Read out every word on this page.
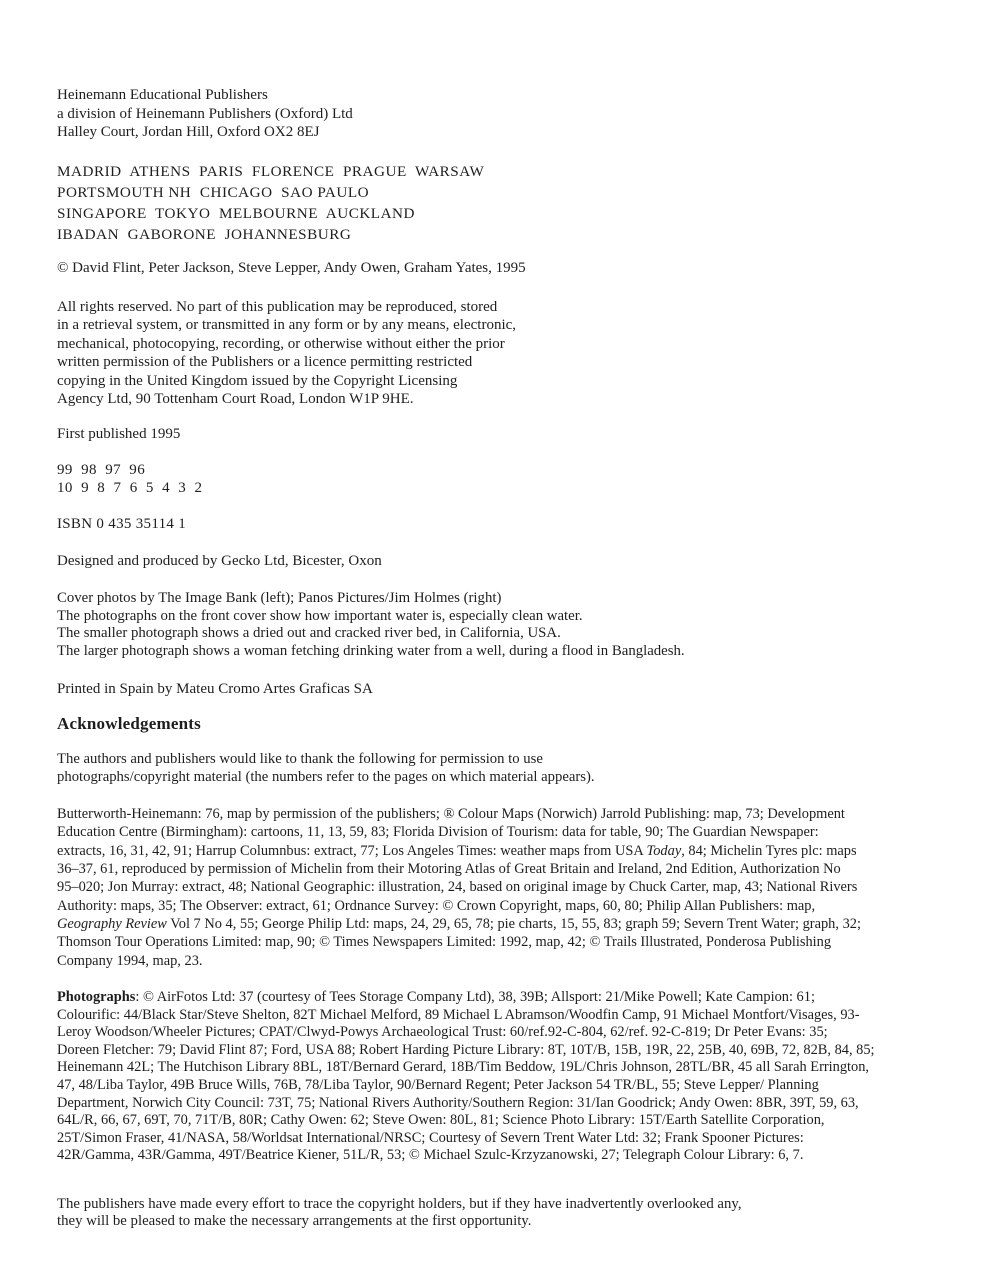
Heinemann Educational Publishers
a division of Heinemann Publishers (Oxford) Ltd
Halley Court, Jordan Hill, Oxford OX2 8EJ
MADRID  ATHENS  PARIS  FLORENCE  PRAGUE  WARSAW
PORTSMOUTH NH  CHICAGO  SAO PAULO
SINGAPORE  TOKYO  MELBOURNE  AUCKLAND
IBADAN  GABORONE  JOHANNESBURG
© David Flint, Peter Jackson, Steve Lepper, Andy Owen, Graham Yates, 1995
All rights reserved. No part of this publication may be reproduced, stored
in a retrieval system, or transmitted in any form or by any means, electronic,
mechanical, photocopying, recording, or otherwise without either the prior
written permission of the Publishers or a licence permitting restricted
copying in the United Kingdom issued by the Copyright Licensing
Agency Ltd, 90 Tottenham Court Road, London W1P 9HE.
First published 1995
99  98  97  96
10  9  8  7  6  5  4  3  2
ISBN 0 435 35114 1
Designed and produced by Gecko Ltd, Bicester, Oxon
Cover photos by The Image Bank (left); Panos Pictures/Jim Holmes (right)
The photographs on the front cover show how important water is, especially clean water.
The smaller photograph shows a dried out and cracked river bed, in California, USA.
The larger photograph shows a woman fetching drinking water from a well, during a flood in Bangladesh.
Printed in Spain by Mateu Cromo Artes Graficas SA
Acknowledgements
The authors and publishers would like to thank the following for permission to use
photographs/copyright material (the numbers refer to the pages on which material appears).
Butterworth-Heinemann: 76, map by permission of the publishers; ® Colour Maps (Norwich) Jarrold Publishing: map, 73; Development
Education Centre (Birmingham): cartoons, 11, 13, 59, 83; Florida Division of Tourism: data for table, 90; The Guardian Newspaper:
extracts, 16, 31, 42, 91; Harrup Columnbus: extract, 77; Los Angeles Times: weather maps from USA Today, 84; Michelin Tyres plc: maps
36–37, 61, reproduced by permission of Michelin from their Motoring Atlas of Great Britain and Ireland, 2nd Edition, Authorization No
95–020; Jon Murray: extract, 48; National Geographic: illustration, 24, based on original image by Chuck Carter, map, 43; National Rivers
Authority: maps, 35; The Observer: extract, 61; Ordnance Survey: © Crown Copyright, maps, 60, 80; Philip Allan Publishers: map,
Geography Review Vol 7 No 4, 55; George Philip Ltd: maps, 24, 29, 65, 78; pie charts, 15, 55, 83; graph 59; Severn Trent Water; graph, 32;
Thomson Tour Operations Limited: map, 90; © Times Newspapers Limited: 1992, map, 42; © Trails Illustrated, Ponderosa Publishing
Company 1994, map, 23.
Photographs: © AirFotos Ltd: 37 (courtesy of Tees Storage Company Ltd), 38, 39B; Allsport: 21/Mike Powell; Kate Campion: 61;
Colourific: 44/Black Star/Steve Shelton, 82T Michael Melford, 89 Michael L Abramson/Woodfin Camp, 91 Michael Montfort/Visages, 93-
Leroy Woodson/Wheeler Pictures; CPAT/Clwyd-Powys Archaeological Trust: 60/ref.92-C-804, 62/ref. 92-C-819; Dr Peter Evans: 35;
Doreen Fletcher: 79; David Flint 87; Ford, USA 88; Robert Harding Picture Library: 8T, 10T/B, 15B, 19R, 22, 25B, 40, 69B, 72, 82B, 84, 85;
Heinemann 42L; The Hutchison Library 8BL, 18T/Bernard Gerard, 18B/Tim Beddow, 19L/Chris Johnson, 28TL/BR, 45 all Sarah Errington,
47, 48/Liba Taylor, 49B Bruce Wills, 76B, 78/Liba Taylor, 90/Bernard Regent; Peter Jackson 54 TR/BL, 55; Steve Lepper/ Planning
Department, Norwich City Council: 73T, 75; National Rivers Authority/Southern Region: 31/Ian Goodrick; Andy Owen: 8BR, 39T, 59, 63,
64L/R, 66, 67, 69T, 70, 71T/B, 80R; Cathy Owen: 62; Steve Owen: 80L, 81; Science Photo Library: 15T/Earth Satellite Corporation,
25T/Simon Fraser, 41/NASA, 58/Worldsat International/NRSC; Courtesy of Severn Trent Water Ltd: 32; Frank Spooner Pictures:
42R/Gamma, 43R/Gamma, 49T/Beatrice Kiener, 51L/R, 53; © Michael Szulc-Krzyzanowski, 27; Telegraph Colour Library: 6, 7.
The publishers have made every effort to trace the copyright holders, but if they have inadvertently overlooked any,
they will be pleased to make the necessary arrangements at the first opportunity.
